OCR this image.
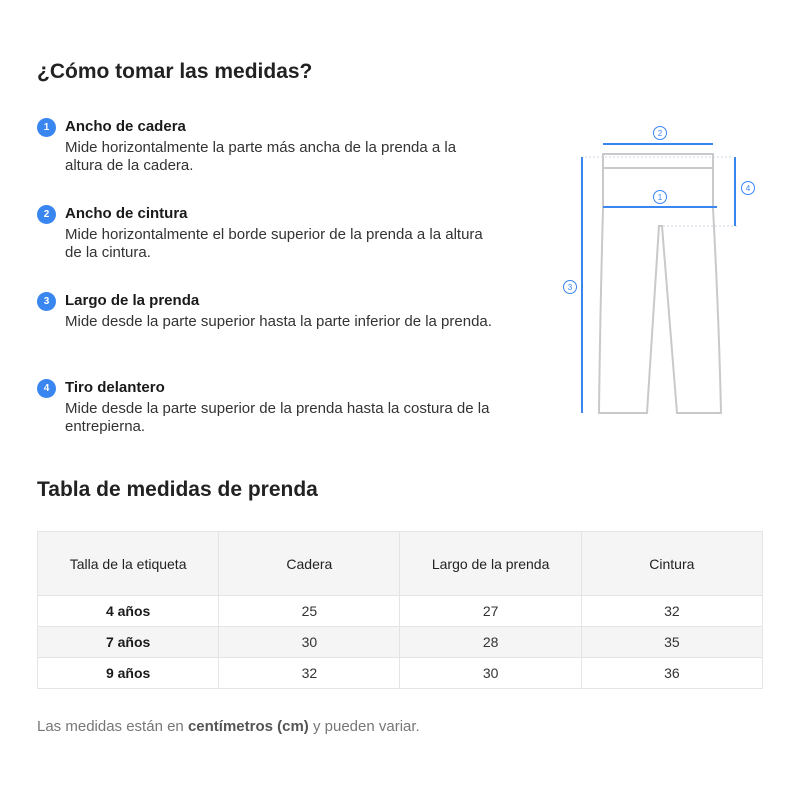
¿Cómo tomar las medidas?
1	Ancho de cadera

Mide horizontalmente la parte más ancha de la prenda a la altura de la cadera.

2	Ancho de cintura

Mide horizontalmente el borde superior de la prenda a la altura de la cintura.

3	Largo de la prenda

Mide desde la parte superior hasta la parte inferior de la prenda.

4	Tiro delantero

Mide desde la parte superior de la prenda hasta la costura de la entrepierna.

2
1
3
4
Tabla de medidas de prenda
Talla de la etiqueta	Cadera	Largo de la prenda	Cintura
4 años	25	27	32
7 años	30	28	35
9 años	32	30	36

Las medidas están en centímetros (cm) y pueden variar.
